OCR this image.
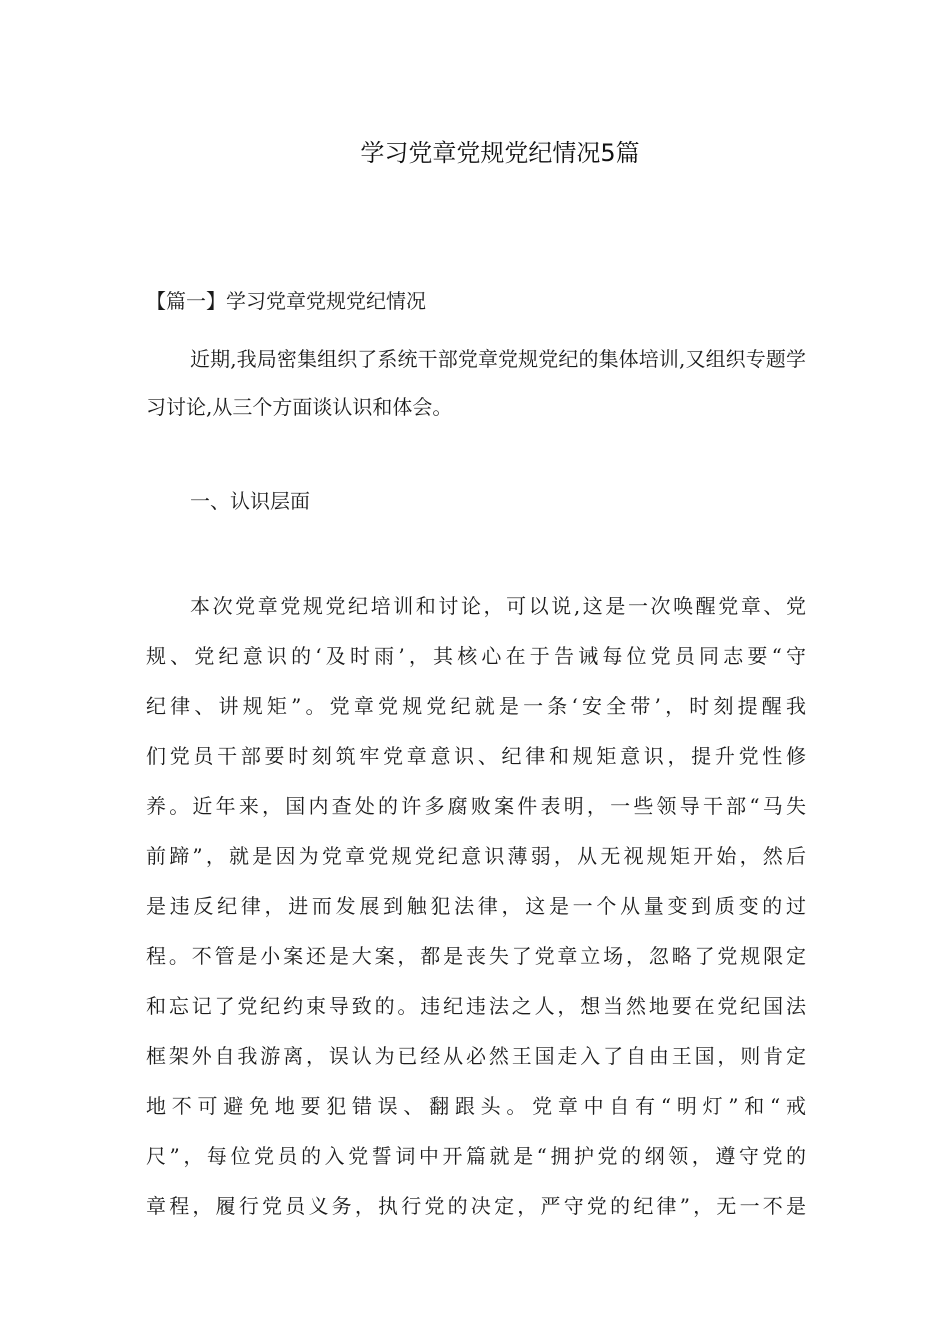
学习党章党规党纪情况5篇

【篇一】学习党章党规党纪情况

近期,我局密集组织了系统干部党章党规党纪的集体培训,又组织专题学习讨论,从三个方面谈认识和体会。

一、认识层面

本次党章党规党纪培训和讨论，可以说,这是一次唤醒党章、党
规、党纪意识的‘及时雨’，其核心在于告诫每位党员同志要“守
纪律、讲规矩”。党章党规党纪就是一条‘安全带’，时刻提醒我
们党员干部要时刻筑牢党章意识、纪律和规矩意识，提升党性修
养。近年来，国内查处的许多腐败案件表明，一些领导干部“马失
前蹄”，就是因为党章党规党纪意识薄弱，从无视规矩开始，然后
是违反纪律，进而发展到触犯法律，这是一个从量变到质变的过
程。不管是小案还是大案，都是丧失了党章立场，忽略了党规限定
和忘记了党纪约束导致的。违纪违法之人，想当然地要在党纪国法
框架外自我游离，误认为已经从必然王国走入了自由王国，则肯定
地不可避免地要犯错误、翻跟头。党章中自有“明灯”和“戒
尺”，每位党员的入党誓词中开篇就是“拥护党的纲领，遵守党的
章程，履行党员义务，执行党的决定，严守党的纪律”，无一不是
